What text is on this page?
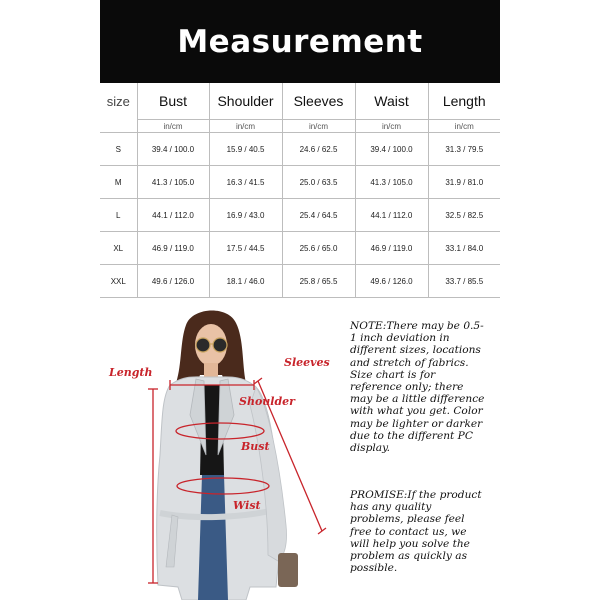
Measurement
size	Bust	Shoulder	Sleeves	Waist	Length
	in/cm	in/cm	in/cm	in/cm	in/cm
S	39.4 / 100.0	15.9 / 40.5	24.6 / 62.5	39.4 / 100.0	31.3 / 79.5
M	41.3 / 105.0	16.3 / 41.5	25.0 / 63.5	41.3 / 105.0	31.9 / 81.0
L	44.1 / 112.0	16.9 / 43.0	25.4 / 64.5	44.1 / 112.0	32.5 / 82.5
XL	46.9 / 119.0	17.5 / 44.5	25.6 / 65.0	46.9 / 119.0	33.1 / 84.0
XXL	49.6 / 126.0	18.1 / 46.0	25.8 / 65.5	49.6 / 126.0	33.7 / 85.5
Length
Sleeves
Shoulder
Bust
Wist
NOTE:There may be 0.5-1 inch deviation in different sizes, locations and stretch of fabrics. Size chart is for reference only; there may be a little difference with what you get. Color may be lighter or darker due to the different PC display.
PROMISE:If the product has any quality problems, please feel free to contact us, we will help you solve the problem as quickly as possible.
